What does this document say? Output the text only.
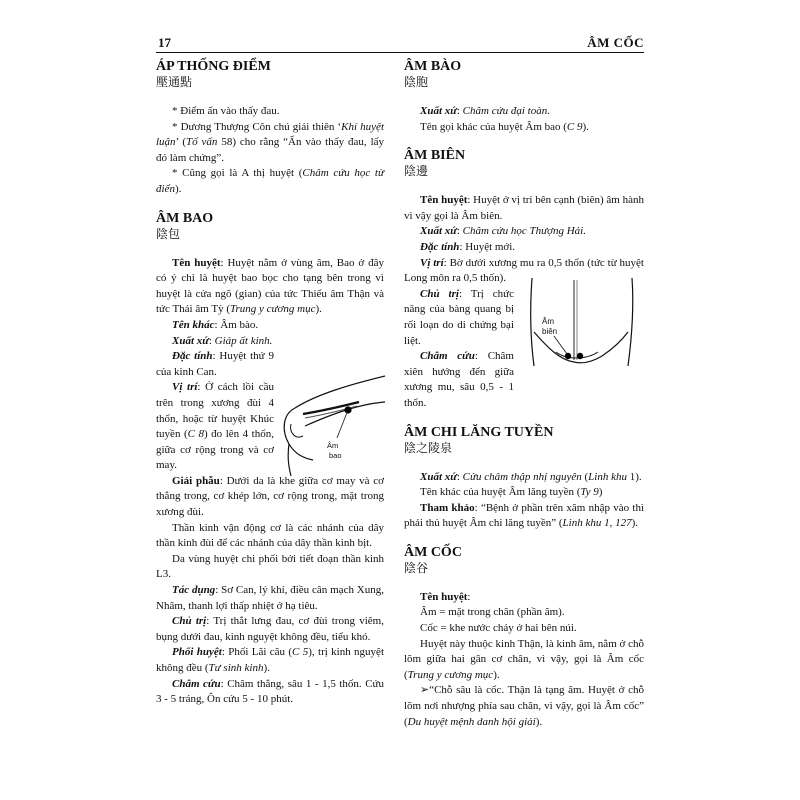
17	ÂM CỐC
ÁP THỐNG ĐIỂM
壓通點

* Điểm ấn vào thấy đau.

* Dương Thượng Côn chú giải thiên ‘Khí huyệt luận’ (Tố vấn 58) cho rằng “Ấn vào thấy đau, lấy đó làm chứng”.

* Cũng gọi là A thị huyệt (Châm cứu học từ điển).

ÂM BAO
陰包

Tên huyệt: Huyệt nằm ở vùng âm, Bao ở đây có ý chỉ là huyệt bao bọc cho tạng bên trong vì huyệt là cửa ngõ (gian) của tức Thiếu âm Thận và tức Thái âm Tỳ (Trung y cương mục).

Tên khác: Âm bào.

Xuất xứ: Giáp ất kinh.

Đặc tính: Huyệt thứ 9 của kinh Can.

Vị trí: Ở cách lồi cầu trên trong xương đùi 4 thốn, hoặc từ huyệt Khúc tuyền (C 8) đo lên 4 thốn, giữa cơ rộng trong và cơ may.

Giải phẫu: Dưới da là khe giữa cơ may và cơ thẳng trong, cơ khép lớn, cơ rộng trong, mặt trong xương đùi.

Thần kinh vận động cơ là các nhánh của dây thần kinh đùi để các nhánh của dây thần kinh bịt.

Da vùng huyệt chi phối bởi tiết đoạn thần kinh L3.

Tác dụng: Sơ Can, lý khí, điều cân mạch Xung, Nhâm, thanh lợi thấp nhiệt ở hạ tiêu.

Chủ trị: Trị thắt lưng đau, cơ đùi trong viêm, bụng dưới đau, kinh nguyệt không đều, tiểu khó.

Phối huyệt: Phối Lãi câu (C 5), trị kinh nguyệt không đều (Tư sinh kinh).

Châm cứu: Châm thẳng, sâu 1 - 1,5 thốn. Cứu 3 - 5 tráng, Ôn cứu 5 - 10 phút.

Âm
bao
ÂM BÀO
陰胞

Xuất xứ: Châm cứu đại toàn.

Tên gọi khác của huyệt Âm bao (C 9).

ÂM BIÊN
陰邊

Tên huyệt: Huyệt ở vị trí bên cạnh (biên) âm hành vì vậy gọi là Âm biên.

Xuất xứ: Châm cứu học Thượng Hải.

Đặc tính: Huyệt mới.

Vị trí: Bờ dưới xương mu ra 0,5 thốn (tức từ huyệt Long môn ra 0,5 thốn).

Chủ trị: Trị chức năng của bàng quang bị rối loạn do di chứng bại liệt.

Châm cứu: Châm xiên hướng đến giữa xương mu, sâu 0,5 - 1 thốn.

ÂM CHI LĂNG TUYỀN
陰之陵泉

Xuất xứ: Cửu châm thập nhị nguyên (Linh khu 1).

Tên khác của huyệt Âm lăng tuyền (Ty 9)

Tham khảo: “Bệnh ở phần trên xâm nhập vào thì phải thủ huyệt Âm chi lăng tuyền” (Linh khu 1, 127).

ÂM CỐC
陰谷

Tên huyệt:

Âm = mặt trong chân (phần âm).

Cốc = khe nước chảy ở hai bên núi.

Huyệt này thuộc kinh Thận, là kinh âm, nằm ở chỗ lõm giữa hai gân cơ chân, vì vậy, gọi là Âm cốc (Trung y cương mục).

➢“Chỗ sâu là cốc. Thận là tạng âm. Huyệt ở chỗ lõm nơi nhượng phía sau chân, vì vậy, gọi là Âm cốc” (Du huyệt mệnh danh hội giải).

Âm
biên
